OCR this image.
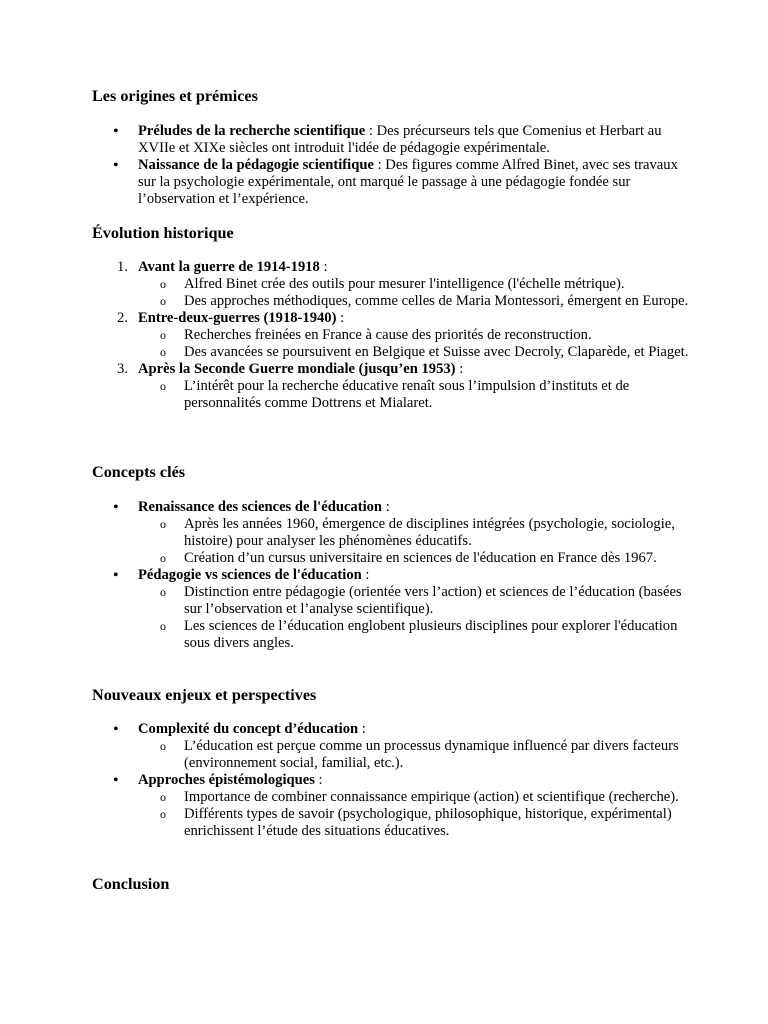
Les origines et prémices
• Préludes de la recherche scientifique : Des précurseurs tels que Comenius et Herbart au XVIIe et XIXe siècles ont introduit l'idée de pédagogie expérimentale.
• Naissance de la pédagogie scientifique : Des figures comme Alfred Binet, avec ses travaux sur la psychologie expérimentale, ont marqué le passage à une pédagogie fondée sur l’observation et l’expérience.
Évolution historique
1. Avant la guerre de 1914-1918 :
o Alfred Binet crée des outils pour mesurer l'intelligence (l'échelle métrique).
o Des approches méthodiques, comme celles de Maria Montessori, émergent en Europe.
2. Entre-deux-guerres (1918-1940) :
o Recherches freinées en France à cause des priorités de reconstruction.
o Des avancées se poursuivent en Belgique et Suisse avec Decroly, Claparède, et Piaget.
3. Après la Seconde Guerre mondiale (jusqu’en 1953) :
o L’intérêt pour la recherche éducative renaît sous l’impulsion d’instituts et de personnalités comme Dottrens et Mialaret.
Concepts clés
• Renaissance des sciences de l'éducation :
o Après les années 1960, émergence de disciplines intégrées (psychologie, sociologie, histoire) pour analyser les phénomènes éducatifs.
o Création d’un cursus universitaire en sciences de l'éducation en France dès 1967.
• Pédagogie vs sciences de l'éducation :
o Distinction entre pédagogie (orientée vers l’action) et sciences de l’éducation (basées sur l’observation et l’analyse scientifique).
o Les sciences de l’éducation englobent plusieurs disciplines pour explorer l'éducation sous divers angles.
Nouveaux enjeux et perspectives
• Complexité du concept d’éducation :
o L’éducation est perçue comme un processus dynamique influencé par divers facteurs (environnement social, familial, etc.).
• Approches épistémologiques :
o Importance de combiner connaissance empirique (action) et scientifique (recherche).
o Différents types de savoir (psychologique, philosophique, historique, expérimental) enrichissent l’étude des situations éducatives.
Conclusion
